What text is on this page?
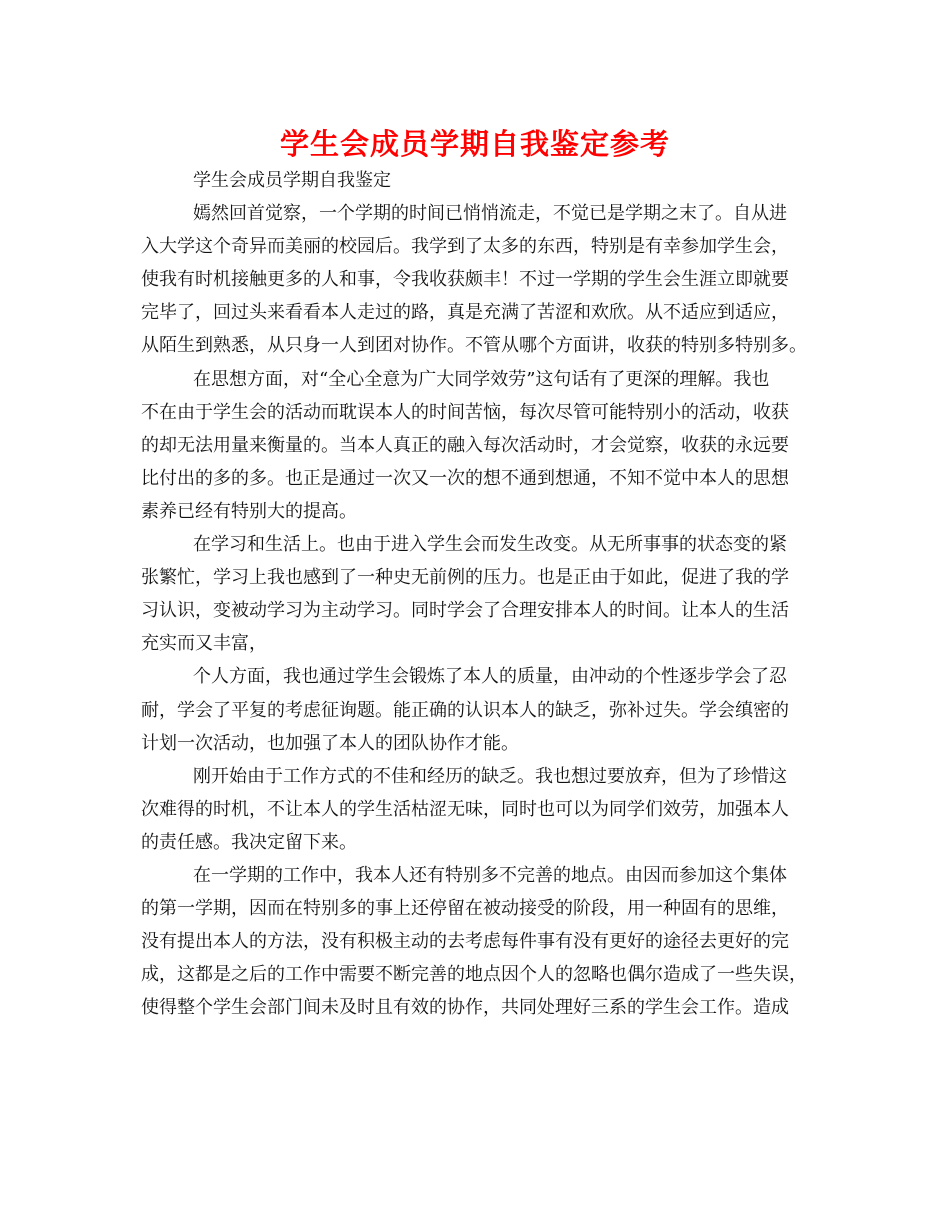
学生会成员学期自我鉴定参考
学生会成员学期自我鉴定
嫣然回首觉察，一个学期的时间已悄悄流走，不觉已是学期之末了。自从进
入大学这个奇异而美丽的校园后。我学到了太多的东西，特别是有幸参加学生会，
使我有时机接触更多的人和事，令我收获颇丰！不过一学期的学生会生涯立即就要
完毕了，回过头来看看本人走过的路，真是充满了苦涩和欢欣。从不适应到适应，
从陌生到熟悉，从只身一人到团对协作。不管从哪个方面讲，收获的特别多特别多。
在思想方面，对“全心全意为广大同学效劳”这句话有了更深的理解。我也
不在由于学生会的活动而耽误本人的时间苦恼，每次尽管可能特别小的活动，收获
的却无法用量来衡量的。当本人真正的融入每次活动时，才会觉察，收获的永远要
比付出的多的多。也正是通过一次又一次的想不通到想通，不知不觉中本人的思想
素养已经有特别大的提高。
在学习和生活上。也由于进入学生会而发生改变。从无所事事的状态变的紧
张繁忙，学习上我也感到了一种史无前例的压力。也是正由于如此，促进了我的学
习认识，变被动学习为主动学习。同时学会了合理安排本人的时间。让本人的生活
充实而又丰富，
个人方面，我也通过学生会锻炼了本人的质量，由冲动的个性逐步学会了忍
耐，学会了平复的考虑征询题。能正确的认识本人的缺乏，弥补过失。学会缜密的
计划一次活动，也加强了本人的团队协作才能。
刚开始由于工作方式的不佳和经历的缺乏。我也想过要放弃，但为了珍惜这
次难得的时机，不让本人的学生活枯涩无味，同时也可以为同学们效劳，加强本人
的责任感。我决定留下来。
在一学期的工作中，我本人还有特别多不完善的地点。由因而参加这个集体
的第一学期，因而在特别多的事上还停留在被动接受的阶段，用一种固有的思维，
没有提出本人的方法，没有积极主动的去考虑每件事有没有更好的途径去更好的完
成，这都是之后的工作中需要不断完善的地点因个人的忽略也偶尔造成了一些失误，
使得整个学生会部门间未及时且有效的协作，共同处理好三系的学生会工作。造成
